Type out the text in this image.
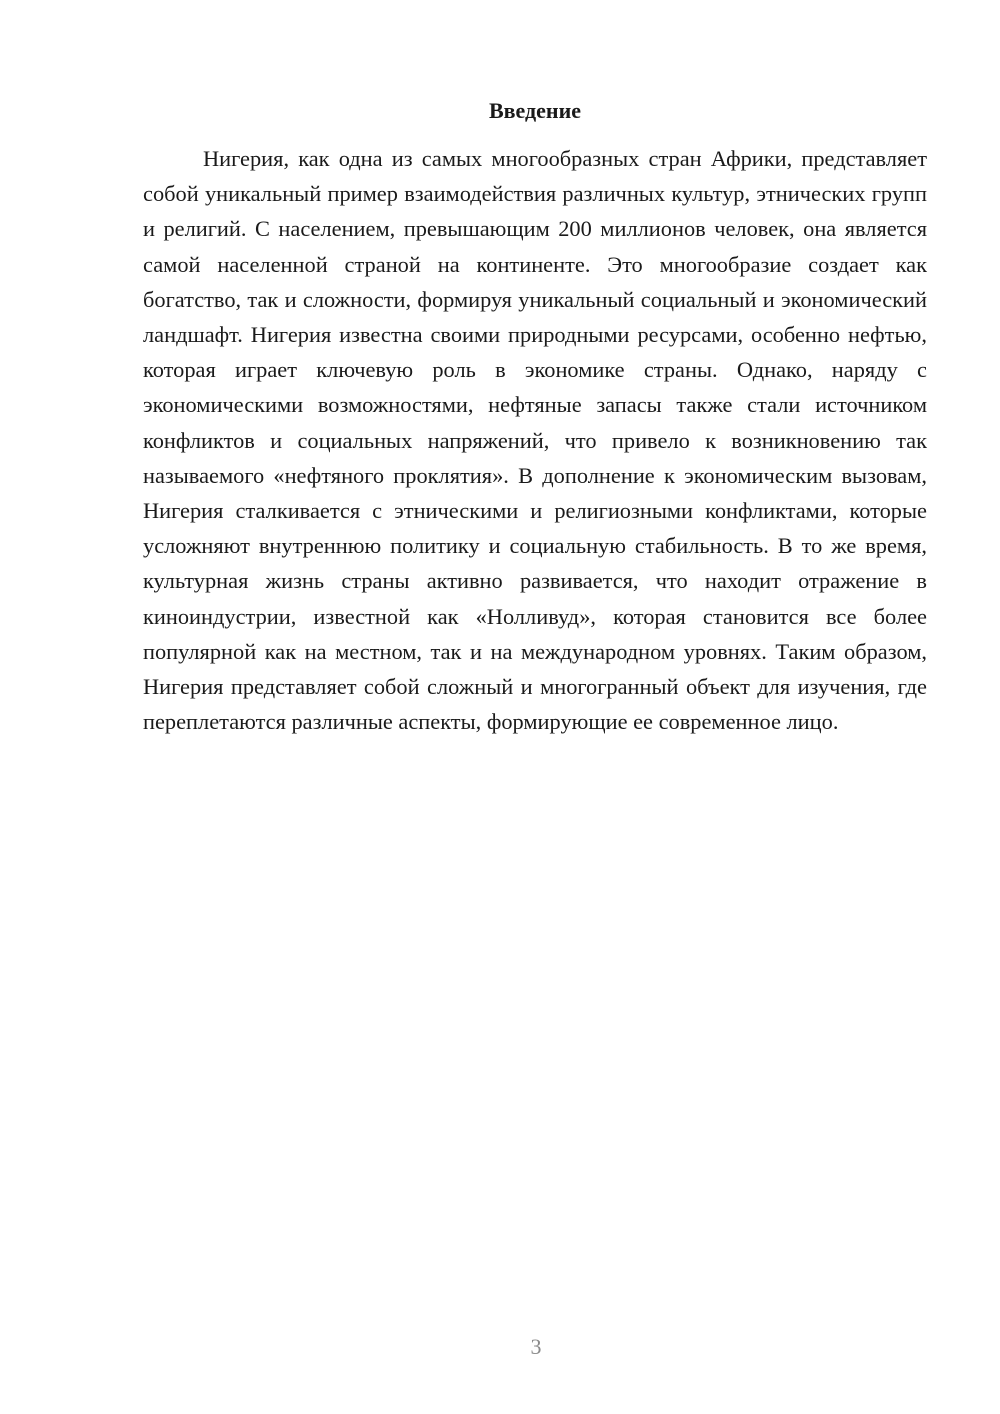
Введение

Нигерия, как одна из самых многообразных стран Африки, представляет собой уникальный пример взаимодействия различных культур, этнических групп и религий. С населением, превышающим 200 миллионов человек, она является самой населенной страной на континенте. Это многообразие создает как богатство, так и сложности, формируя уникальный социальный и экономический ландшафт. Нигерия известна своими природными ресурсами, особенно нефтью, которая играет ключевую роль в экономике страны. Однако, наряду с экономическими возможностями, нефтяные запасы также стали источником конфликтов и социальных напряжений, что привело к возникновению так называемого «нефтяного проклятия». В дополнение к экономическим вызовам, Нигерия сталкивается с этническими и религиозными конфликтами, которые усложняют внутреннюю политику и социальную стабильность. В то же время, культурная жизнь страны активно развивается, что находит отражение в киноиндустрии, известной как «Нолливуд», которая становится все более популярной как на местном, так и на международном уровнях. Таким образом, Нигерия представляет собой сложный и многогранный объект для изучения, где переплетаются различные аспекты, формирующие ее современное лицо.

3
